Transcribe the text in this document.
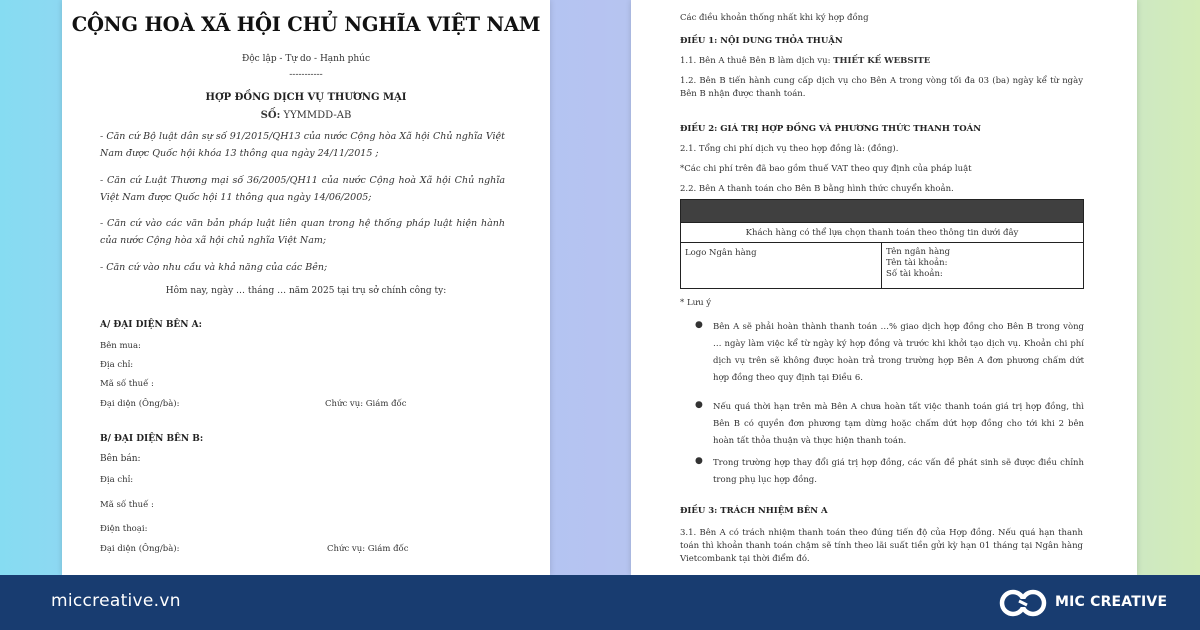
CỘNG HOÀ XÃ HỘI CHỦ NGHĨA VIỆT NAM
Độc lập - Tự do - Hạnh phúc
-----------
HỢP ĐỒNG DỊCH VỤ THƯƠNG MẠI
SỐ: YYMMDD-AB
- Căn cứ Bộ luật dân sự số 91/2015/QH13 của nước Cộng hòa Xã hội Chủ nghĩa Việt Nam được Quốc hội khóa 13 thông qua ngày 24/11/2015 ;
- Căn cứ Luật Thương mại số 36/2005/QH11 của nước Cộng hoà Xã hội Chủ nghĩa Việt Nam được Quốc hội 11 thông qua ngày 14/06/2005;
- Căn cứ vào các văn bản pháp luật liên quan trong hệ thống pháp luật hiện hành của nước Cộng hòa xã hội chủ nghĩa Việt Nam;
- Căn cứ vào nhu cầu và khả năng của các Bên;
Hôm nay, ngày … tháng … năm 2025 tại trụ sở chính công ty:
A/ ĐẠI DIỆN BÊN A:
Bên mua:
Địa chỉ:
Mã số thuế :
Đại diện (Ông/bà):	Chức vụ: Giám đốc
B/ ĐẠI DIỆN BÊN B:
Bên bán:
Địa chỉ:
Mã số thuế :
Điện thoại:
Đại diện (Ông/bà):	Chức vụ: Giám đốc
Các điều khoản thống nhất khi ký hợp đồng
ĐIỀU 1: NỘI DUNG THỎA THUẬN
1.1. Bên A thuê Bên B làm dịch vụ: THIẾT KẾ WEBSITE
1.2. Bên B tiến hành cung cấp dịch vụ cho Bên A trong vòng tối đa 03 (ba) ngày kể từ ngày Bên B nhận được thanh toán.
ĐIỀU 2: GIÁ TRỊ HỢP ĐỒNG VÀ PHƯƠNG THỨC THANH TOÁN
2.1. Tổng chi phí dịch vụ theo hợp đồng là: (đồng).
*Các chi phí trên đã bao gồm thuế VAT theo quy định của pháp luật
2.2. Bên A thanh toán cho Bên B bằng hình thức chuyển khoản.
Khách hàng có thể lựa chọn thanh toán theo thông tin dưới đây
Logo Ngân hàng	Tên ngân hàng
Tên tài khoản:
Số tài khoản:
* Lưu ý
● Bên A sẽ phải hoàn thành thanh toán …% giao dịch hợp đồng cho Bên B trong vòng … ngày làm việc kể từ ngày ký hợp đồng và trước khi khởi tạo dịch vụ. Khoản chi phí dịch vụ trên sẽ không được hoàn trả trong trường hợp Bên A đơn phương chấm dứt hợp đồng theo quy định tại Điều 6.
● Nếu quá thời hạn trên mà Bên A chưa hoàn tất việc thanh toán giá trị hợp đồng, thì Bên B có quyền đơn phương tạm dừng hoặc chấm dứt hợp đồng cho tới khi 2 bên hoàn tất thỏa thuận và thực hiện thanh toán.
● Trong trường hợp thay đổi giá trị hợp đồng, các vấn đề phát sinh sẽ được điều chỉnh trong phụ lục hợp đồng.
ĐIỀU 3: TRÁCH NHIỆM BÊN A
3.1. Bên A có trách nhiệm thanh toán theo đúng tiến độ của Hợp đồng. Nếu quá hạn thanh toán thì khoản thanh toán chậm sẽ tính theo lãi suất tiền gửi kỳ hạn 01 tháng tại Ngân hàng Vietcombank tại thời điểm đó.
miccreative.vn	MIC CREATIVE
